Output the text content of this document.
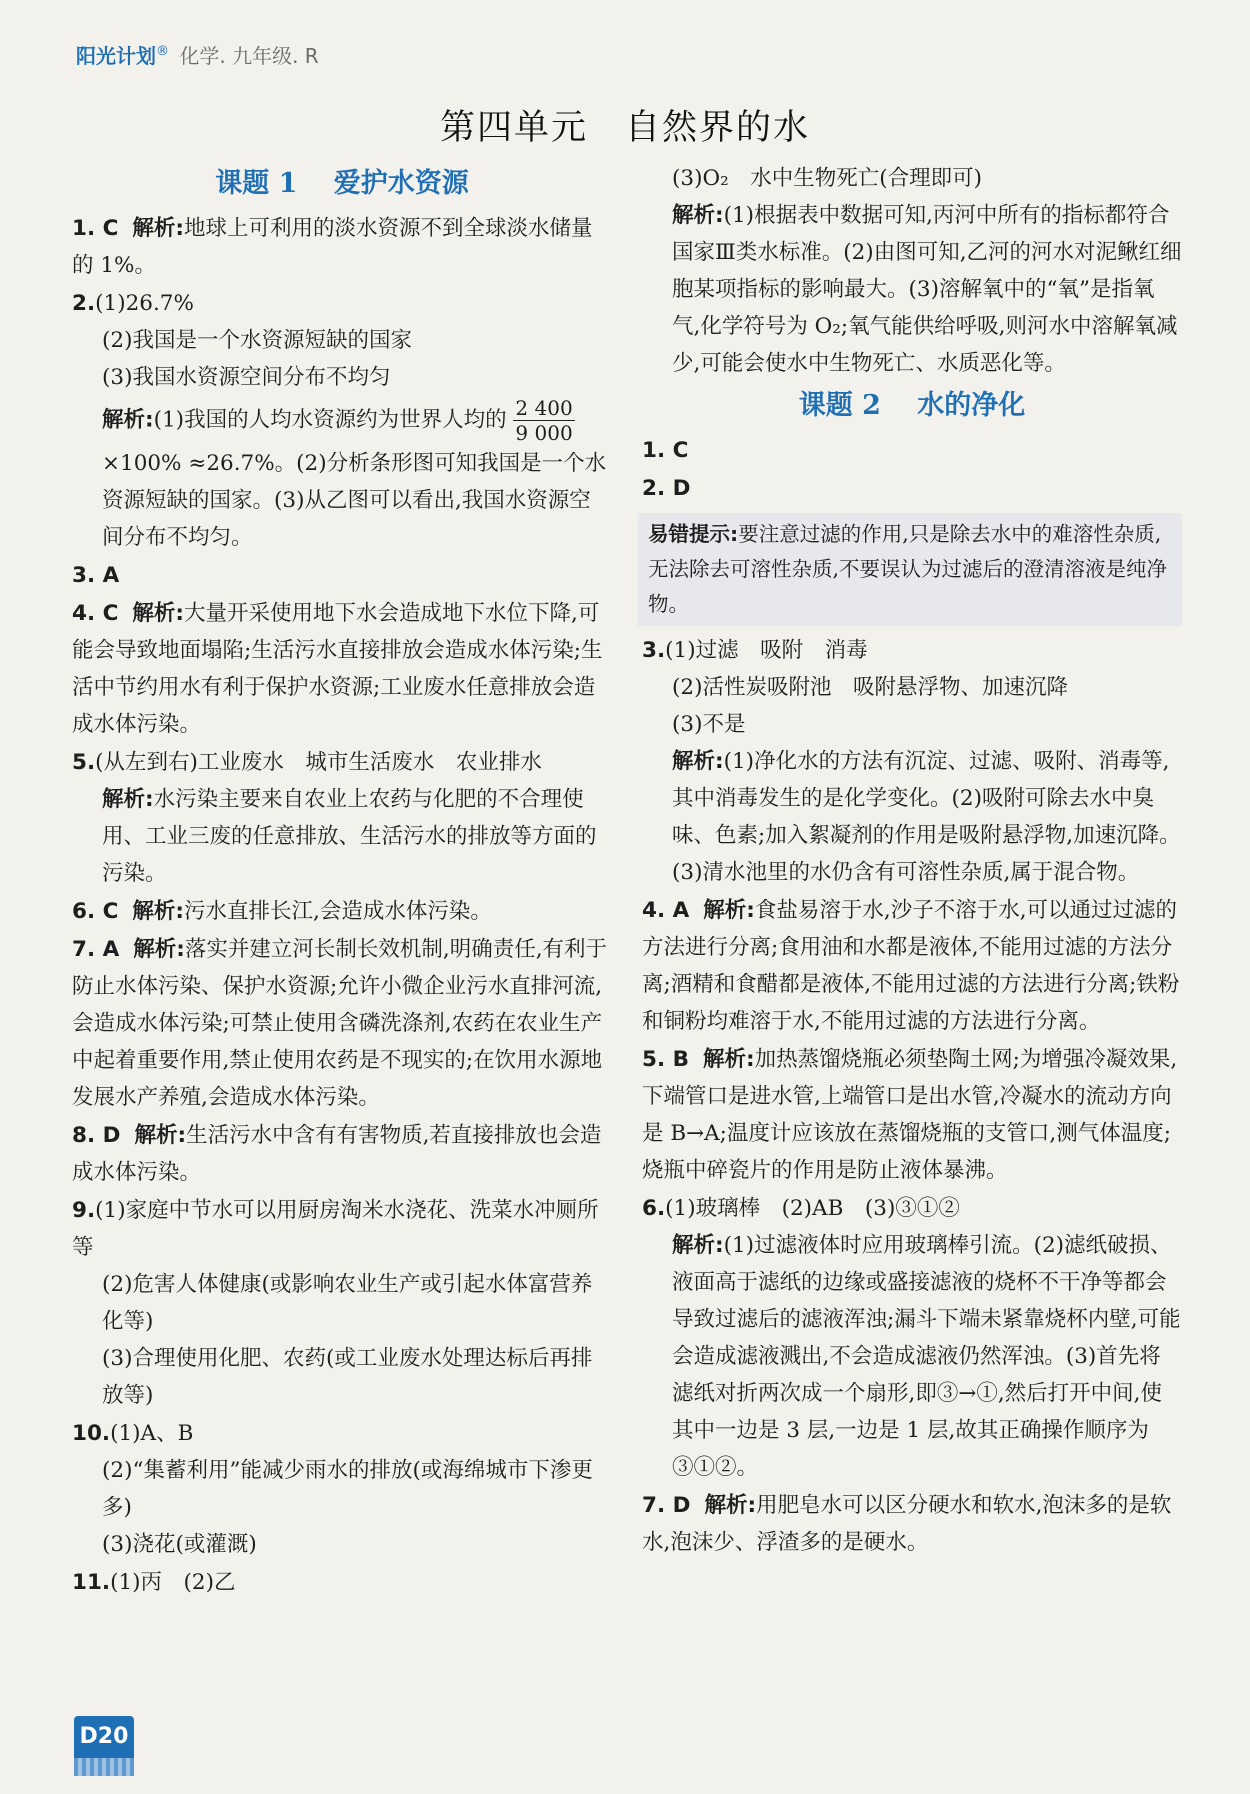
阳光计划® 化学. 九年级. R
第四单元　自然界的水
课题 1　 爱护水资源
1. C 解析:地球上可利用的淡水资源不到全球淡水储量的 1%。
2.(1)26.7%
(2)我国是一个水资源短缺的国家
(3)我国水资源空间分布不均匀
解析:(1)我国的人均水资源约为世界人均的 $\frac{2 400}{9 000}$
×100% ≈26.7%。(2)分析条形图可知我国是一个水资源短缺的国家。(3)从乙图可以看出,我国水资源空间分布不均匀。
3. A
4. C 解析:大量开采使用地下水会造成地下水位下降,可能会导致地面塌陷;生活污水直接排放会造成水体污染;生活中节约用水有利于保护水资源;工业废水任意排放会造成水体污染。
5.(从左到右)工业废水　城市生活废水　农业排水
解析:水污染主要来自农业上农药与化肥的不合理使用、工业三废的任意排放、生活污水的排放等方面的污染。
6. C 解析:污水直排长江,会造成水体污染。
7. A 解析:落实并建立河长制长效机制,明确责任,有利于防止水体污染、保护水资源;允许小微企业污水直排河流,会造成水体污染;可禁止使用含磷洗涤剂,农药在农业生产中起着重要作用,禁止使用农药是不现实的;在饮用水源地发展水产养殖,会造成水体污染。
8. D 解析:生活污水中含有有害物质,若直接排放也会造成水体污染。
9.(1)家庭中节水可以用厨房淘米水浇花、洗菜水冲厕所等
(2)危害人体健康(或影响农业生产或引起水体富营养化等)
(3)合理使用化肥、农药(或工业废水处理达标后再排放等)
10.(1)A、B
(2)“集蓄利用”能减少雨水的排放(或海绵城市下渗更多)
(3)浇花(或灌溉)
11.(1)丙　(2)乙
(3)O₂　水中生物死亡(合理即可)
解析:(1)根据表中数据可知,丙河中所有的指标都符合国家Ⅲ类水标准。(2)由图可知,乙河的河水对泥鳅红细胞某项指标的影响最大。(3)溶解氧中的“氧”是指氧气,化学符号为 O₂;氧气能供给呼吸,则河水中溶解氧减少,可能会使水中生物死亡、水质恶化等。
课题 2　 水的净化
1. C
2. D
易错提示:要注意过滤的作用,只是除去水中的难溶性杂质,无法除去可溶性杂质,不要误认为过滤后的澄清溶液是纯净物。
3.(1)过滤　吸附　消毒
(2)活性炭吸附池　吸附悬浮物、加速沉降
(3)不是
解析:(1)净化水的方法有沉淀、过滤、吸附、消毒等,其中消毒发生的是化学变化。(2)吸附可除去水中臭味、色素;加入絮凝剂的作用是吸附悬浮物,加速沉降。(3)清水池里的水仍含有可溶性杂质,属于混合物。
4. A 解析:食盐易溶于水,沙子不溶于水,可以通过过滤的方法进行分离;食用油和水都是液体,不能用过滤的方法分离;酒精和食醋都是液体,不能用过滤的方法进行分离;铁粉和铜粉均难溶于水,不能用过滤的方法进行分离。
5. B 解析:加热蒸馏烧瓶必须垫陶土网;为增强冷凝效果,下端管口是进水管,上端管口是出水管,冷凝水的流动方向是 B→A;温度计应该放在蒸馏烧瓶的支管口,测气体温度;烧瓶中碎瓷片的作用是防止液体暴沸。
6.(1)玻璃棒　(2)AB　(3)③①②
解析:(1)过滤液体时应用玻璃棒引流。(2)滤纸破损、液面高于滤纸的边缘或盛接滤液的烧杯不干净等都会导致过滤后的滤液浑浊;漏斗下端未紧靠烧杯内壁,可能会造成滤液溅出,不会造成滤液仍然浑浊。(3)首先将滤纸对折两次成一个扇形,即③→①,然后打开中间,使其中一边是 3 层,一边是 1 层,故其正确操作顺序为③①②。
7. D 解析:用肥皂水可以区分硬水和软水,泡沫多的是软水,泡沫少、浮渣多的是硬水。
D20
